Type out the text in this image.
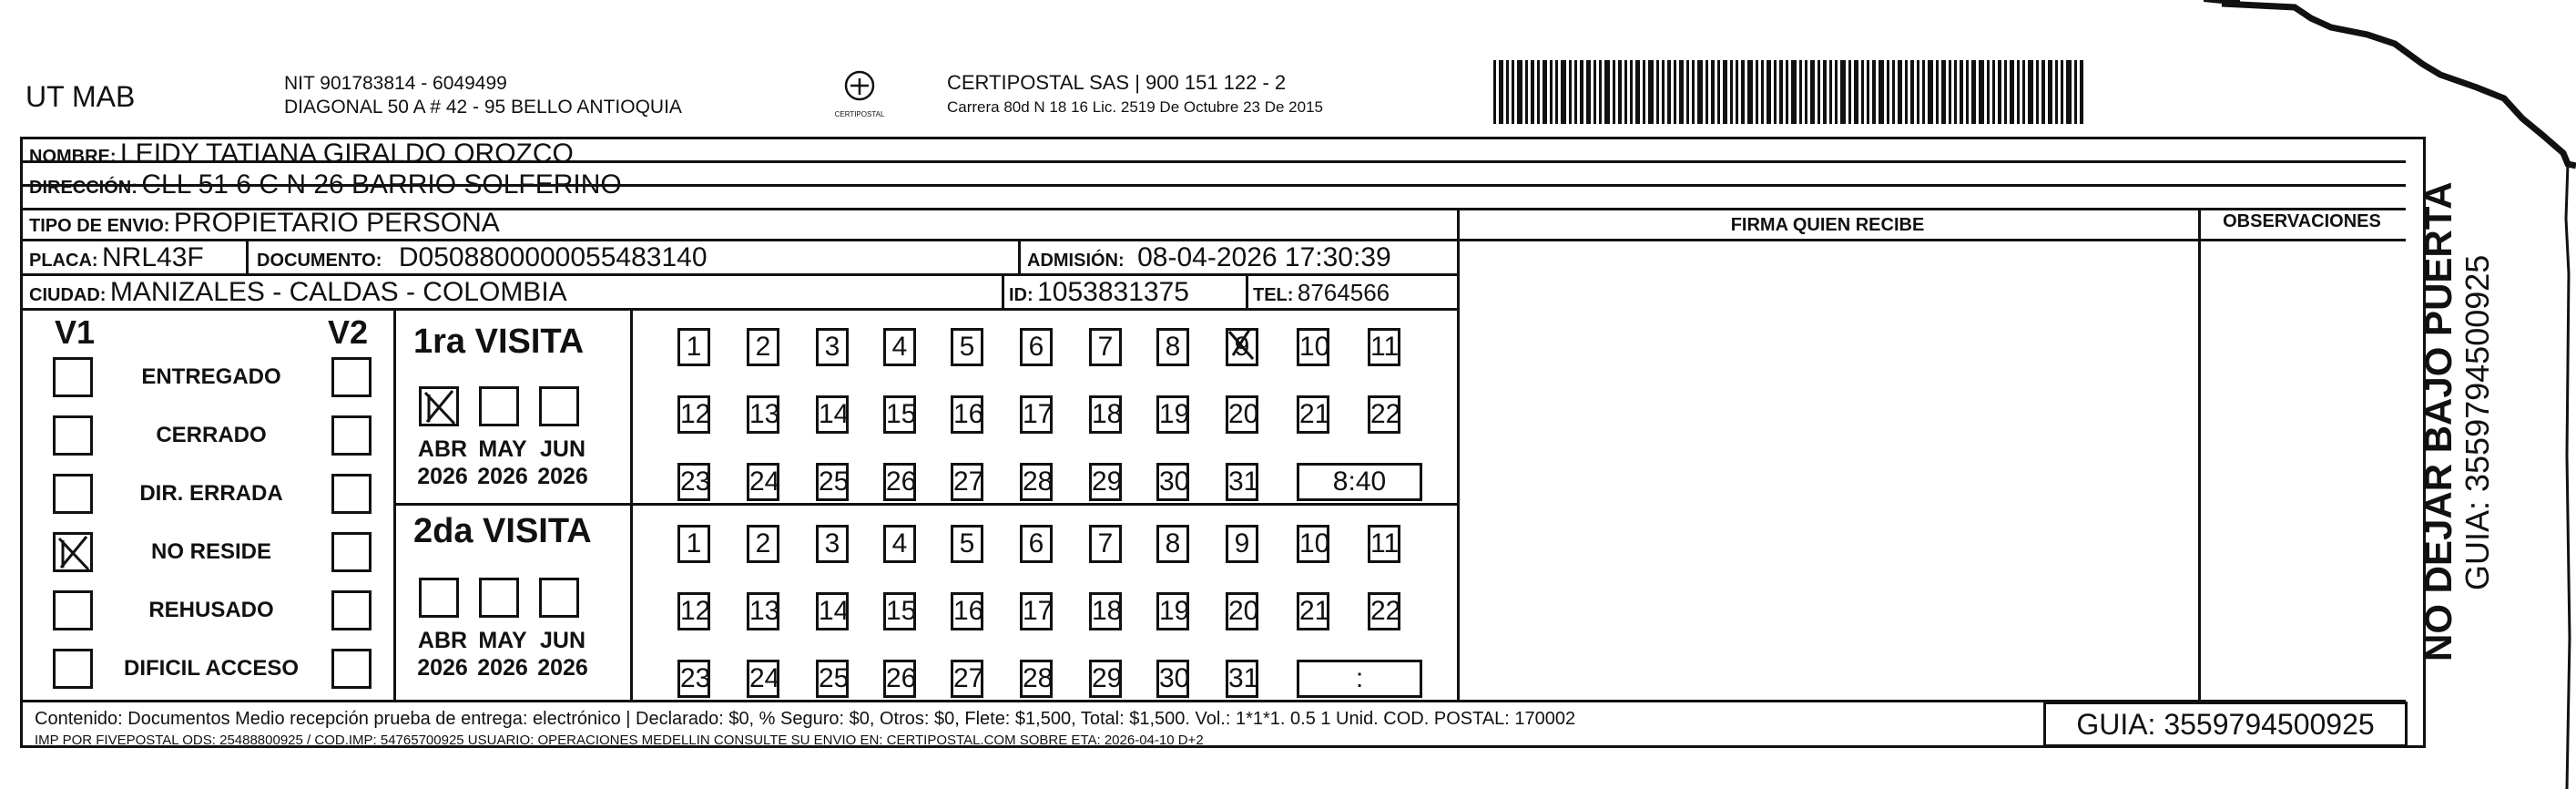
UT MAB	NIT 901783814 - 6049499
DIAGONAL 50 A # 42 - 95 BELLO ANTIOQUIA	CERTIPOSTAL
CERTIPOSTAL SAS | 900 151 122 - 2
Carrera 80d N 18 16 Lic. 2519 De Octubre 23 De 2015
NOMBRE: LEIDY TATIANA GIRALDO OROZCO
DIRECCIÓN: CLL 51 6 C N 26 BARRIO SOLFERINO
TIPO DE ENVIO: PROPIETARIO PERSONA	FIRMA QUIEN RECIBE	OBSERVACIONES
PLACA: NRL43F	DOCUMENTO: D0508800000055483140	ADMISIÓN: 08-04-2026 17:30:39
CIUDAD: MANIZALES - CALDAS - COLOMBIA	ID: 1053831375	TEL: 8764566
V1	V2
ENTREGADO
CERRADO
DIR. ERRADA
NO RESIDE
REHUSADO
DIFICIL ACCESO
1ra VISITA
2da VISITA
ABR
2026
MAY
2026
JUN
2026
ABR
2026
MAY
2026
JUN
2026
1	2	3	4	5	6	7	8	9	10 11
12 13 14 15 16 17 18 19 20 21 22
23 24 25 26 27 28 29 30 31	8:40
1	2	3	4	5	6	7	8	9	10 11
12 13 14 15 16 17 18 19 20 21 22
23 24 25 26 27 28 29 30 31	:
Contenido: Documentos Medio recepción prueba de entrega: electrónico | Declarado: $0, % Seguro: $0, Otros: $0, Flete: $1,500, Total: $1,500. Vol.: 1*1*1. 0.5 1 Unid. COD. POSTAL: 170002
IMP POR FIVEPOSTAL ODS: 25488800925 / COD.IMP: 54765700925 USUARIO: OPERACIONES MEDELLIN CONSULTE SU ENVIO EN: CERTIPOSTAL.COM SOBRE ETA: 2026-04-10 D+2	GUIA: 3559794500925
NO DEJAR BAJO PUERTA GUIA: 3559794500925
